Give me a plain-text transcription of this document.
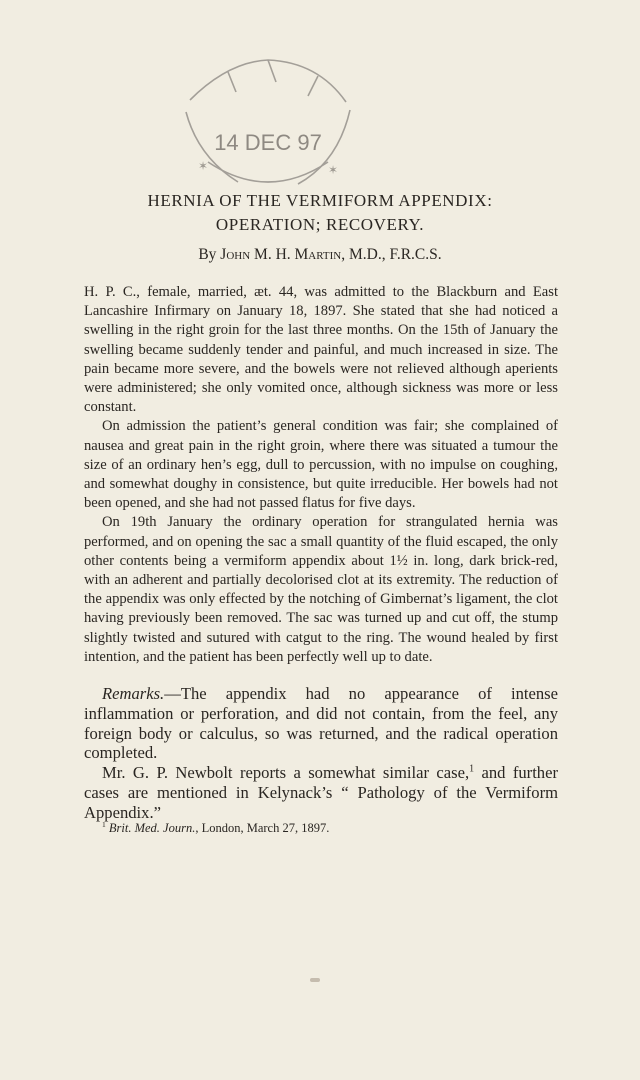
14 DEC 97
✶	✶
HERNIA OF THE VERMIFORM APPENDIX:
OPERATION; RECOVERY.
By John M. H. Martin, M.D., F.R.C.S.

H. P. C., female, married, æt. 44, was admitted to the Blackburn and East Lancashire Infirmary on January 18, 1897. She stated that she had noticed a swelling in the right groin for the last three months. On the 15th of January the swelling became suddenly tender and painful, and much increased in size. The pain became more severe, and the bowels were not relieved although aperients were administered; she only vomited once, although sickness was more or less constant.

On admission the patient’s general condition was fair; she complained of nausea and great pain in the right groin, where there was situated a tumour the size of an ordinary hen’s egg, dull to percussion, with no impulse on coughing, and somewhat doughy in consistence, but quite irreducible. Her bowels had not been opened, and she had not passed flatus for five days.

On 19th January the ordinary operation for strangulated hernia was performed, and on opening the sac a small quantity of the fluid escaped, the only other contents being a vermiform appendix about 1½ in. long, dark brick-red, with an adherent and partially decolorised clot at its extremity. The reduction of the appendix was only effected by the notching of Gimbernat’s ligament, the clot having previously been removed. The sac was turned up and cut off, the stump slightly twisted and sutured with catgut to the ring. The wound healed by first intention, and the patient has been perfectly well up to date.

Remarks.—The appendix had no appearance of intense inflammation or perforation, and did not contain, from the feel, any foreign body or calculus, so was returned, and the radical operation completed.

Mr. G. P. Newbolt reports a somewhat similar case,$^1$ and further cases are mentioned in Kelynack’s “ Pathology of the Vermiform Appendix.”

$^1$ Brit. Med. Journ., London, March 27, 1897.
